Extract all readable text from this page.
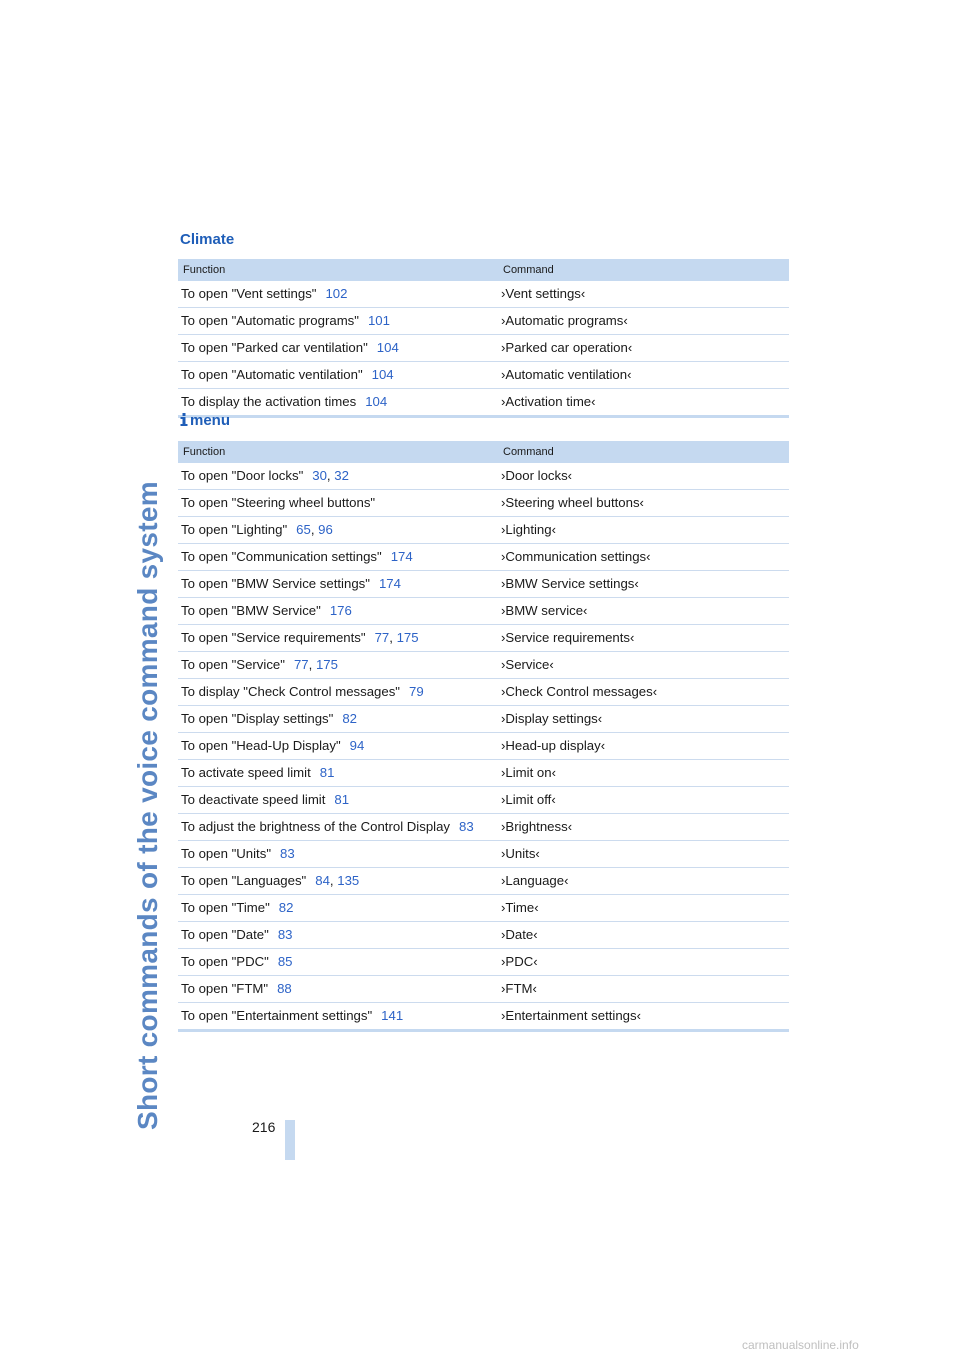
Short commands of the voice command system
Climate
Function	Command
To open "Vent settings" 102	›Vent settings‹
To open "Automatic programs" 101	›Automatic programs‹
To open "Parked car ventilation" 104	›Parked car operation‹
To open "Automatic ventilation" 104	›Automatic ventilation‹
To display the activation times 104	›Activation time‹
menu
Function	Command
To open "Door locks" 30, 32	›Door locks‹
To open "Steering wheel buttons"	›Steering wheel buttons‹
To open "Lighting" 65, 96	›Lighting‹
To open "Communication settings" 174	›Communication settings‹
To open "BMW Service settings" 174	›BMW Service settings‹
To open "BMW Service" 176	›BMW service‹
To open "Service requirements" 77, 175	›Service requirements‹
To open "Service" 77, 175	›Service‹
To display "Check Control messages" 79	›Check Control messages‹
To open "Display settings" 82	›Display settings‹
To open "Head-Up Display" 94	›Head-up display‹
To activate speed limit 81	›Limit on‹
To deactivate speed limit 81	›Limit off‹
To adjust the brightness of the Control Display 83	›Brightness‹
To open "Units" 83	›Units‹
To open "Languages" 84, 135	›Language‹
To open "Time" 82	›Time‹
To open "Date" 83	›Date‹
To open "PDC" 85	›PDC‹
To open "FTM" 88	›FTM‹
To open "Entertainment settings" 141	›Entertainment settings‹
216
carmanualsonline.info
